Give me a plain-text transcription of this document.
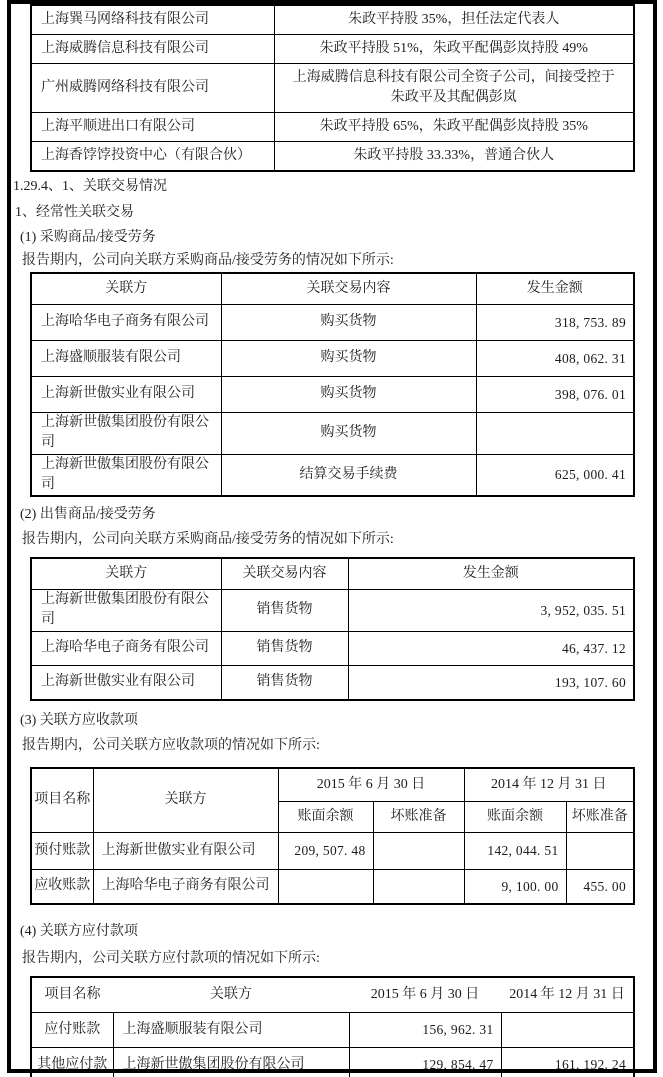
上海巽马网络科技有限公司	朱政平持股 35%，担任法定代表人
上海威腾信息科技有限公司	朱政平持股 51%，朱政平配偶彭岚持股 49%
广州威腾网络科技有限公司	上海威腾信息科技有限公司全资子公司，间接受控于朱政平及其配偶彭岚
上海平顺进出口有限公司	朱政平持股 65%，朱政平配偶彭岚持股 35%
上海香饽饽投资中心（有限合伙）	朱政平持股 33.33%，普通合伙人
1.29.4、1、关联交易情况
1、经常性关联交易
(1) 采购商品/接受劳务
报告期内，公司向关联方采购商品/接受劳务的情况如下所示:
关联方	关联交易内容	发生金额
上海哈华电子商务有限公司	购买货物	318, 753. 89
上海盛顺服装有限公司	购买货物	408, 062. 31
上海新世傲实业有限公司	购买货物	398, 076. 01
上海新世傲集团股份有限公司	购买货物	
上海新世傲集团股份有限公司	结算交易手续费	625, 000. 41
(2) 出售商品/接受劳务
报告期内，公司向关联方采购商品/接受劳务的情况如下所示:
关联方	关联交易内容	发生金额
上海新世傲集团股份有限公司	销售货物	3, 952, 035. 51
上海哈华电子商务有限公司	销售货物	46, 437. 12
上海新世傲实业有限公司	销售货物	193, 107. 60
(3) 关联方应收款项
报告期内，公司关联方应收款项的情况如下所示:
项目名称	关联方	2015 年 6 月 30 日		2014 年 12 月 31 日	
		账面余额	坏账准备	账面余额	坏账准备
预付账款	上海新世傲实业有限公司	209, 507. 48		142, 044. 51	
应收账款	上海哈华电子商务有限公司			9, 100. 00	455. 00
(4) 关联方应付款项
报告期内，公司关联方应付款项的情况如下所示:
项目名称	关联方	2015 年 6 月 30 日	2014 年 12 月 31 日
应付账款	上海盛顺服装有限公司	156, 962. 31	
其他应付款	上海新世傲集团股份有限公司	129, 854. 47	161, 192. 24
